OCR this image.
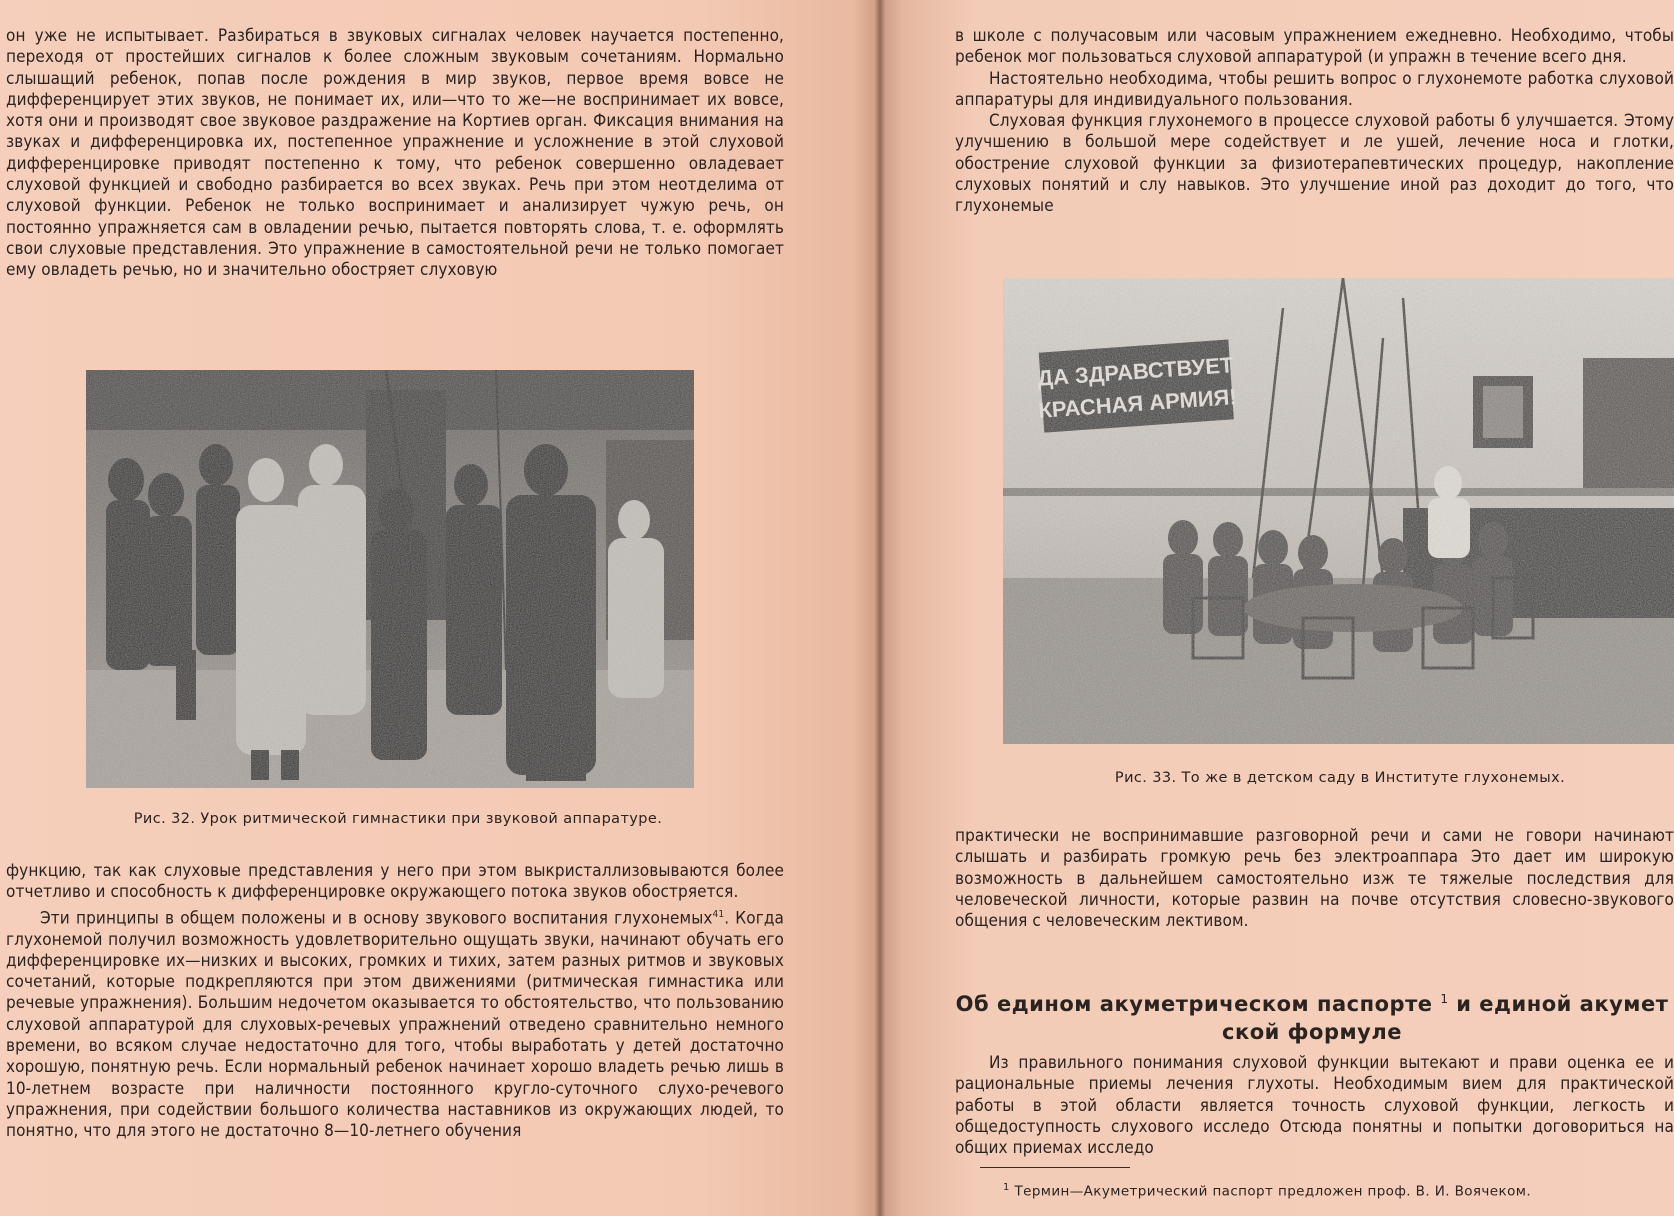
он уже не испытывает. Разбираться в звуковых сигналах человек научается постепенно, переходя от простейших сигналов к более сложным звуковым сочетаниям. Нормально слышащий ребенок, попав после рождения в мир звуков, первое время вовсе не дифференцирует этих звуков, не понимает их, или—что то же—не воспринимает их вовсе, хотя они и производят свое звуковое раздражение на Кортиев орган. Фиксация внимания на звуках и дифференцировка их, постепенное упражнение и усложнение в этой слуховой дифференцировке приводят постепенно к тому, что ребенок совершенно овладевает слуховой функцией и свободно разбирается во всех звуках. Речь при этом неотделима от слуховой функции. Ребенок не только воспринимает и анализирует чужую речь, он постоянно упражняется сам в овладении речью, пытается повторять слова, т. е. оформлять свои слуховые представления. Это упражнение в самостоятельной речи не только помогает ему овладеть речью, но и значительно обостряет слуховую

Рис. 32. Урок ритмической гимнастики при звуковой аппаратуре.

функцию, так как слуховые представления у него при этом выкристаллизовываются более отчетливо и способность к дифференцировке окружающего потока звуков обостряется.

Эти принципы в общем положены и в основу звукового воспитания глухонемых$^{41}$. Когда глухонемой получил возможность удовлетворительно ощущать звуки, начинают обучать его дифференцировке их—низких и высоких, громких и тихих, затем разных ритмов и звуковых сочетаний, которые подкрепляются при этом движениями (ритмическая гимнастика или речевые упражнения). Большим недочетом оказывается то обстоятельство, что пользованию слуховой аппаратурой для слуховых-речевых упражнений отведено сравнительно немного времени, во всяком случае недостаточно для того, чтобы выработать у детей достаточно хорошую, понятную речь. Если нормальный ребенок начинает хорошо владеть речью лишь в 10-летнем возрасте при наличности постоянного кругло-суточного слухо-речевого упражнения, при содействии большого количества наставников из окружающих людей, то понятно, что для этого не достаточно 8—10-летнего обучения

в школе с получасовым или часовым упражнением ежедневно. Необходимо, чтобы ребенок мог пользоваться слуховой аппаратурой (и упражн в течение всего дня.

Настоятельно необходима, чтобы решить вопрос о глухонемоте работка слуховой аппаратуры для индивидуального пользования.

Слуховая функция глухонемого в процессе слуховой работы б улучшается. Этому улучшению в большой мере содействует и ле ушей, лечение носа и глотки, обострение слуховой функции за физиотерапевтических процедур, накопление слуховых понятий и слу навыков. Это улучшение иной раз доходит до того, что глухонемые

ДА ЗДРАВСТВУЕТ
КРАСНАЯ АРМИЯ!
Рис. 33. То же в детском саду в Институте глухонемых.

практически не воспринимавшие разговорной речи и сами не говори начинают слышать и разбирать громкую речь без электроаппара Это дает им широкую возможность в дальнейшем самостоятельно изж те тяжелые последствия для человеческой личности, которые развин на почве отсутствия словесно-звукового общения с человеческим лективом.

Об едином акуметрическом паспорте $^1$ и единой акумет
ской формуле

Из правильного понимания слуховой функции вытекают и прави оценка ее и рациональные приемы лечения глухоты. Необходимым вием для практической работы в этой области является точность слуховой функции, легкость и общедоступность слухового исследо Отсюда понятны и попытки договориться на общих приемах исследо

$^1$ Термин—Акуметрический паспорт предложен проф. В. И. Воячеком.
